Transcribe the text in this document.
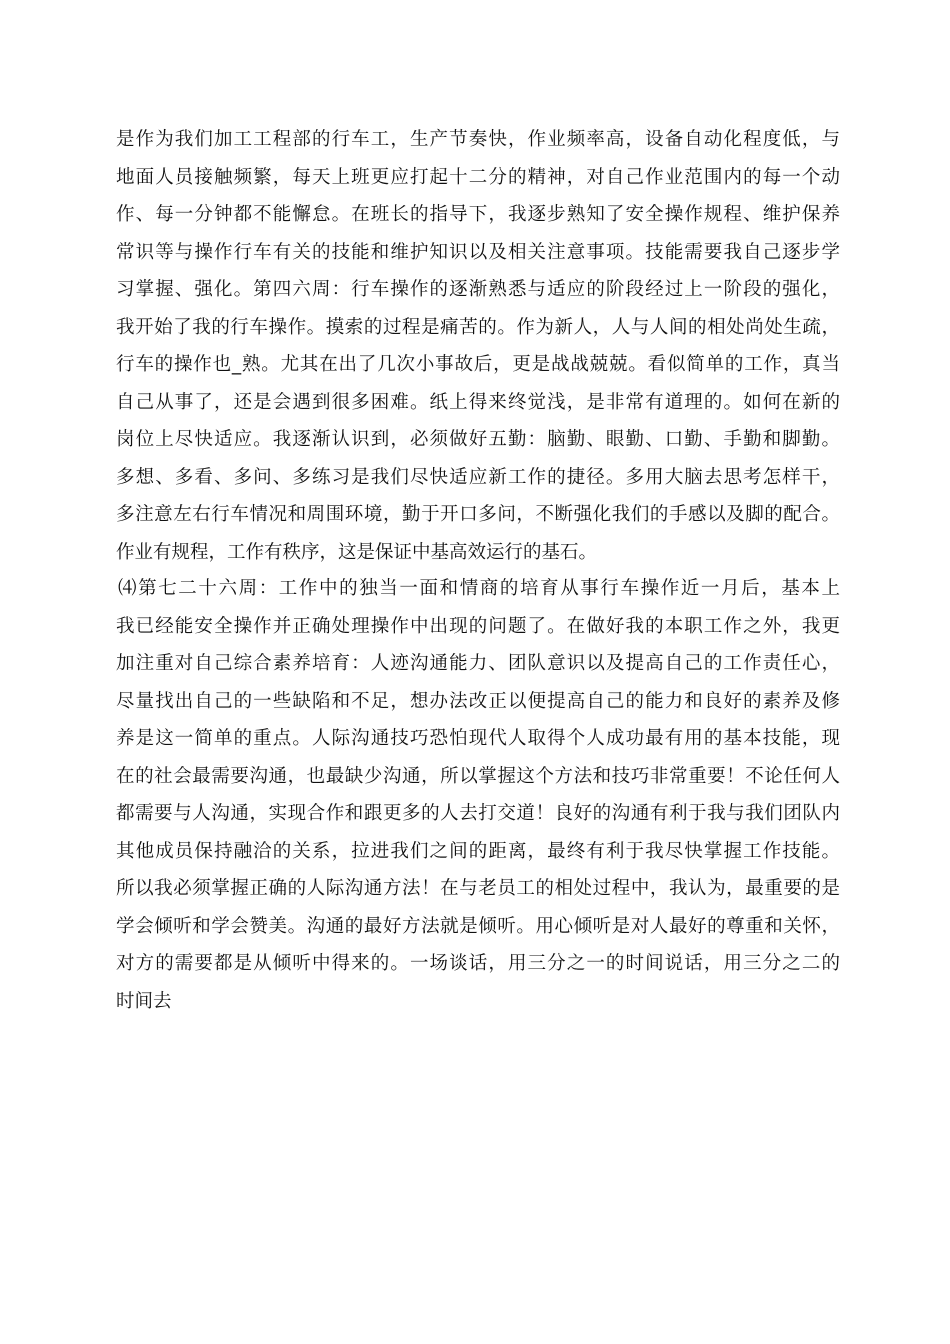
是作为我们加工工程部的行车工，生产节奏快，作业频率高，设备自动化程度低，与
地面人员接触频繁，每天上班更应打起十二分的精神，对自己作业范围内的每一个动
作、每一分钟都不能懈怠。在班长的指导下，我逐步熟知了安全操作规程、维护保养
常识等与操作行车有关的技能和维护知识以及相关注意事项。技能需要我自己逐步学
习掌握、强化。第四六周：行车操作的逐渐熟悉与适应的阶段经过上一阶段的强化，
我开始了我的行车操作。摸索的过程是痛苦的。作为新人，人与人间的相处尚处生疏，
行车的操作也_熟。尤其在出了几次小事故后，更是战战兢兢。看似简单的工作，真当
自己从事了，还是会遇到很多困难。纸上得来终觉浅，是非常有道理的。如何在新的
岗位上尽快适应。我逐渐认识到，必须做好五勤：脑勤、眼勤、口勤、手勤和脚勤。
多想、多看、多问、多练习是我们尽快适应新工作的捷径。多用大脑去思考怎样干，
多注意左右行车情况和周围环境，勤于开口多问，不断强化我们的手感以及脚的配合。
作业有规程，工作有秩序，这是保证中基高效运行的基石。

⑷第七二十六周：工作中的独当一面和情商的培育从事行车操作近一月后，基本上
我已经能安全操作并正确处理操作中出现的问题了。在做好我的本职工作之外，我更
加注重对自己综合素养培育：人迹沟通能力、团队意识以及提高自己的工作责任心，
尽量找出自己的一些缺陷和不足，想办法改正以便提高自己的能力和良好的素养及修
养是这一简单的重点。人际沟通技巧恐怕现代人取得个人成功最有用的基本技能，现
在的社会最需要沟通，也最缺少沟通，所以掌握这个方法和技巧非常重要！不论任何人
都需要与人沟通，实现合作和跟更多的人去打交道！良好的沟通有利于我与我们团队内
其他成员保持融洽的关系，拉进我们之间的距离，最终有利于我尽快掌握工作技能。
所以我必须掌握正确的人际沟通方法！在与老员工的相处过程中，我认为，最重要的是
学会倾听和学会赞美。沟通的最好方法就是倾听。用心倾听是对人最好的尊重和关怀，
对方的需要都是从倾听中得来的。一场谈话，用三分之一的时间说话，用三分之二的
时间去
